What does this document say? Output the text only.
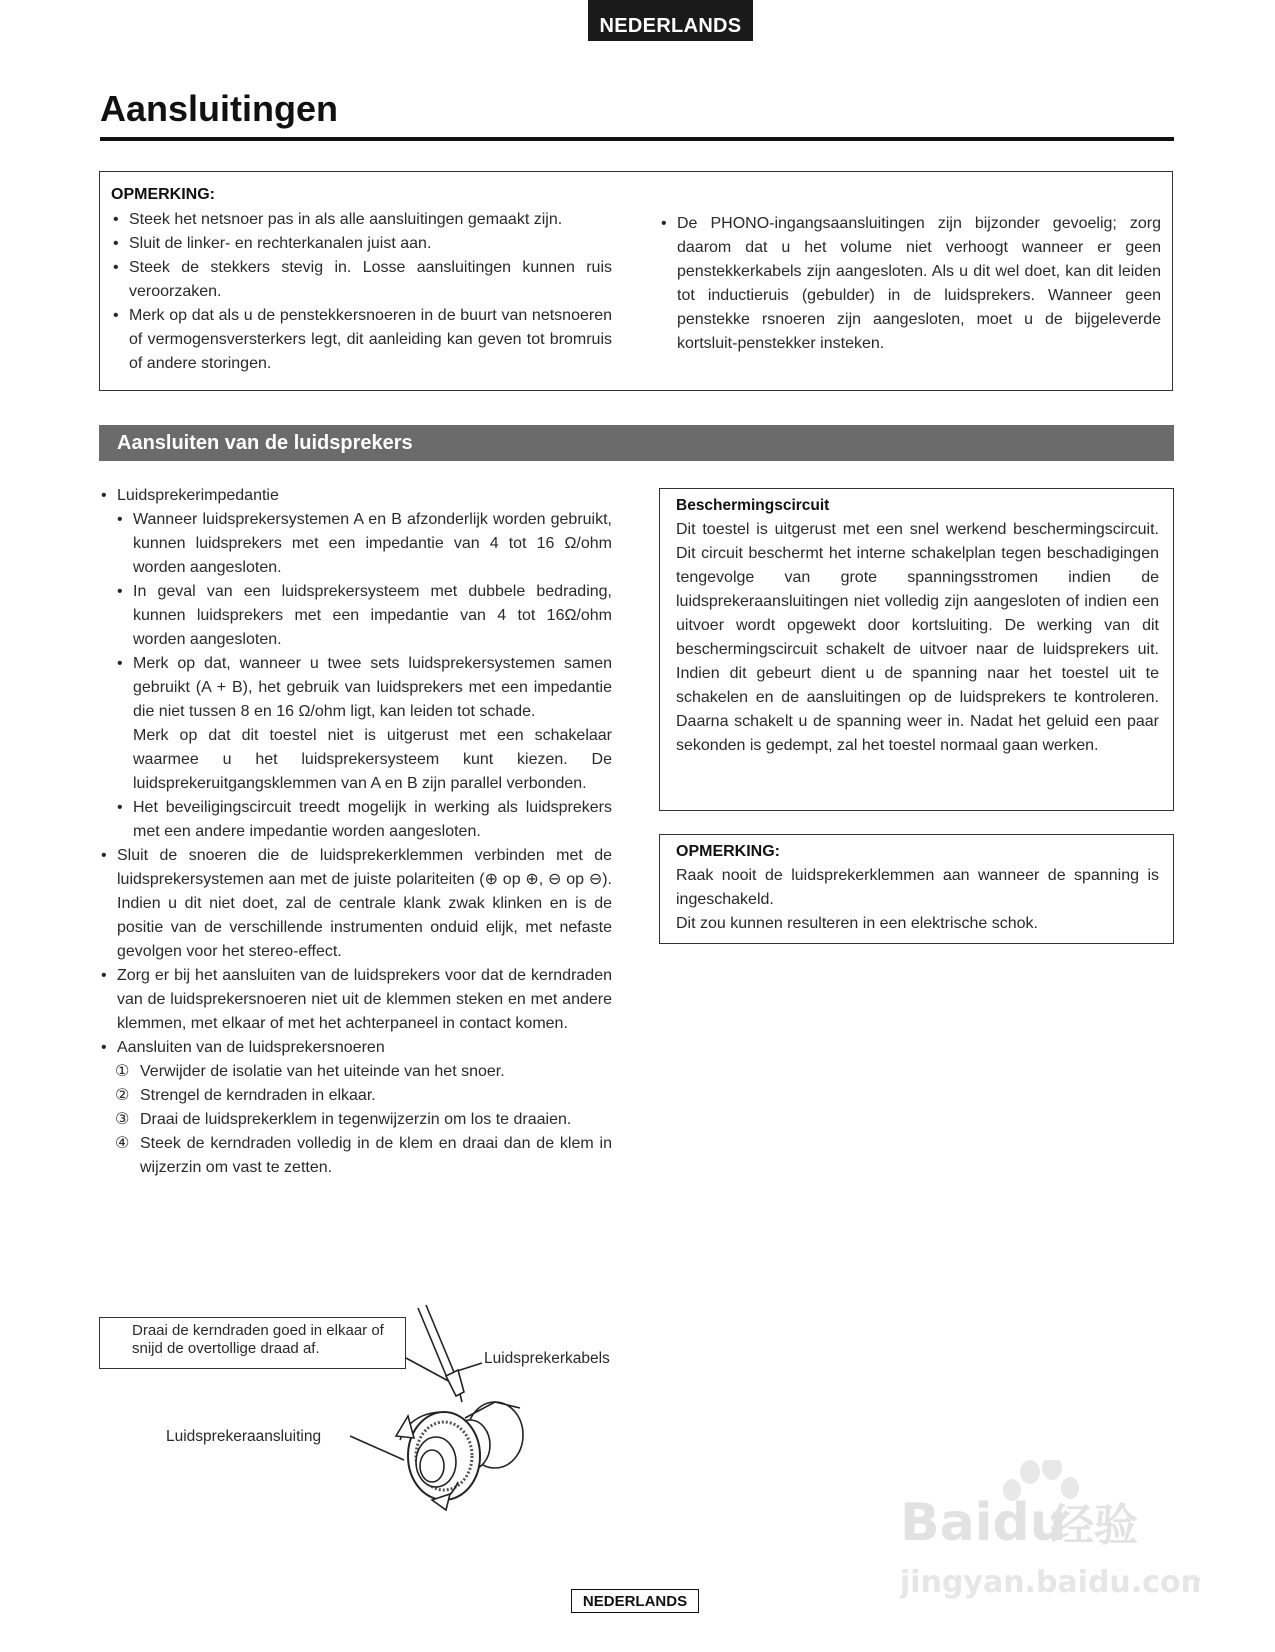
NEDERLANDS
Aansluitingen
OPMERKING:
• Steek het netsnoer pas in als alle aansluitingen gemaakt zijn.
• Sluit de linker- en rechterkanalen juist aan.
• Steek de stekkers stevig in. Losse aansluitingen kunnen ruis veroorzaken.
• Merk op dat als u de penstekkersnoeren in de buurt van netsnoeren of vermogensversterkers legt, dit aanleiding kan geven tot bromruis of andere storingen.
• De PHONO-ingangsaansluitingen zijn bijzonder gevoelig; zorg daarom dat u het volume niet verhoogt wanneer er geen penstekkerkabels zijn aangesloten. Als u dit wel doet, kan dit leiden tot inductieruis (gebulder) in de luidsprekers. Wanneer geen penstekke rsnoeren zijn aangesloten, moet u de bijgeleverde kortsluit-penstekker insteken.
Aansluiten van de luidsprekers
• Luidsprekerimpedantie
• Wanneer luidsprekersystemen A en B afzonderlijk worden gebruikt, kunnen luidsprekers met een impedantie van 4 tot 16 Ω/ohm worden aangesloten.
• In geval van een luidsprekersysteem met dubbele bedrading, kunnen luidsprekers met een impedantie van 4 tot 16Ω/ohm worden aangesloten.
• Merk op dat, wanneer u twee sets luidsprekersystemen samen gebruikt (A + B), het gebruik van luidsprekers met een impedantie die niet tussen 8 en 16 Ω/ohm ligt, kan leiden tot schade.
Merk op dat dit toestel niet is uitgerust met een schakelaar waarmee u het luidsprekersysteem kunt kiezen. De luidsprekeruitgangsklemmen van A en B zijn parallel verbonden.
• Het beveiligingscircuit treedt mogelijk in werking als luidsprekers met een andere impedantie worden aangesloten.
• Sluit de snoeren die de luidsprekerklemmen verbinden met de luidsprekersystemen aan met de juiste polariteiten (⊕ op ⊕, ⊖ op ⊖). Indien u dit niet doet, zal de centrale klank zwak klinken en is de positie van de verschillende instrumenten onduid elijk, met nefaste gevolgen voor het stereo-effect.
• Zorg er bij het aansluiten van de luidsprekers voor dat de kerndraden van de luidsprekersnoeren niet uit de klemmen steken en met andere klemmen, met elkaar of met het achterpaneel in contact komen.
• Aansluiten van de luidsprekersnoeren
① Verwijder de isolatie van het uiteinde van het snoer.
② Strengel de kerndraden in elkaar.
③ Draai de luidsprekerklem in tegenwijzerzin om los te draaien.
④ Steek de kerndraden volledig in de klem en draai dan de klem in wijzerzin om vast te zetten.
Beschermingscircuit

Dit toestel is uitgerust met een snel werkend beschermingscircuit. Dit circuit beschermt het interne schakelplan tegen beschadigingen tengevolge van grote spanningsstromen indien de luidsprekeraansluitingen niet volledig zijn aangesloten of indien een uitvoer wordt opgewekt door kortsluiting. De werking van dit beschermingscircuit schakelt de uitvoer naar de luidsprekers uit. Indien dit gebeurt dient u de spanning naar het toestel uit te schakelen en de aansluitingen op de luidsprekers te kontroleren. Daarna schakelt u de spanning weer in. Nadat het geluid een paar sekonden is gedempt, zal het toestel normaal gaan werken.

OPMERKING:

Raak nooit de luidsprekerklemmen aan wanneer de spanning is ingeschakeld.

Dit zou kunnen resulteren in een elektrische schok.

Draai de kerndraden goed in elkaar of snijd de overtollige draad af.
Luidsprekerkabels
Luidsprekeraansluiting
NEDERLANDS
Baidu
经验
jingyan.baidu.com
